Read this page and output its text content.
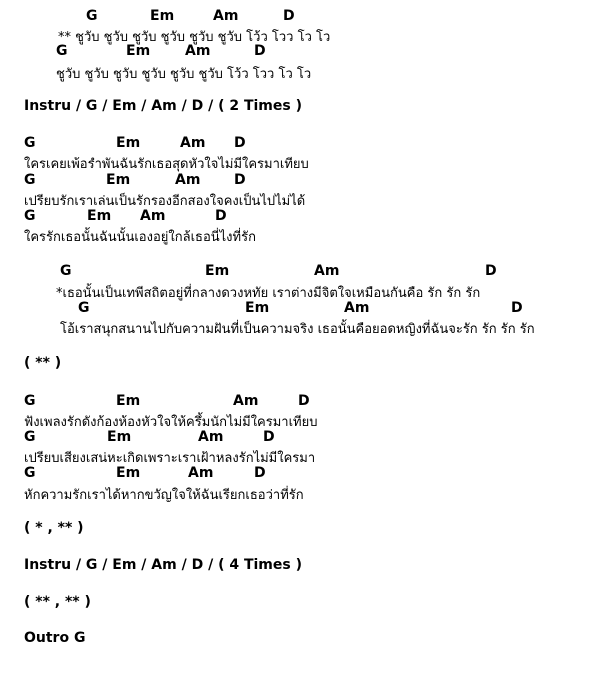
G	Em	Am	D
** ชูวับ ชูวับ ชูวับ ชูวับ ชูวับ ชูวับ โว้ว โวว โว โว
G	Em Am	D
ชูวับ ชูวับ ชูวับ ชูวับ ชูวับ ชูวับ โว้ว โวว โว โว
Instru / G / Em / Am / D / ( 2 Times )
G	Em	Am D
ใครเคยเพ้อรำพันฉันรักเธอสุดหัวใจไม่มีใครมาเทียบ
G	Em	Am D
เปรียบรักเราเล่นเป็นรักรองอีกสองใจคงเป็นไปไม่ได้
G	Em Am	D
ใครรักเธอนั้นฉันนั้นเองอยู่ใกล้เธอนี่ไงที่รัก
G	Em	Am	D
*เธอนั้นเป็นเทพีสถิตอยู่ที่กลางดวงหทัย เราต่างมีจิตใจเหมือนกันคือ รัก รัก รัก
G	Em	Am	D
โอ้เราสนุกสนานไปกับความฝันที่เป็นความจริง เธอนั้นคือยอดหญิงที่ฉันจะรัก รัก รัก รัก
( ** )
G	Em	Am	D
ฟังเพลงรักดังก้องห้องหัวใจให้ครึ้มนักไม่มีใครมาเทียบ
G	Em	Am	D
เปรียบเสียงเสน่หะเกิดเพราะเราเฝ้าหลงรักไม่มีใครมา
G	Em	Am	D
หักความรักเราได้หากขวัญใจให้ฉันเรียกเธอว่าที่รัก
( * , ** )
Instru / G / Em / Am / D / ( 4 Times )
( ** , ** )
Outro G
